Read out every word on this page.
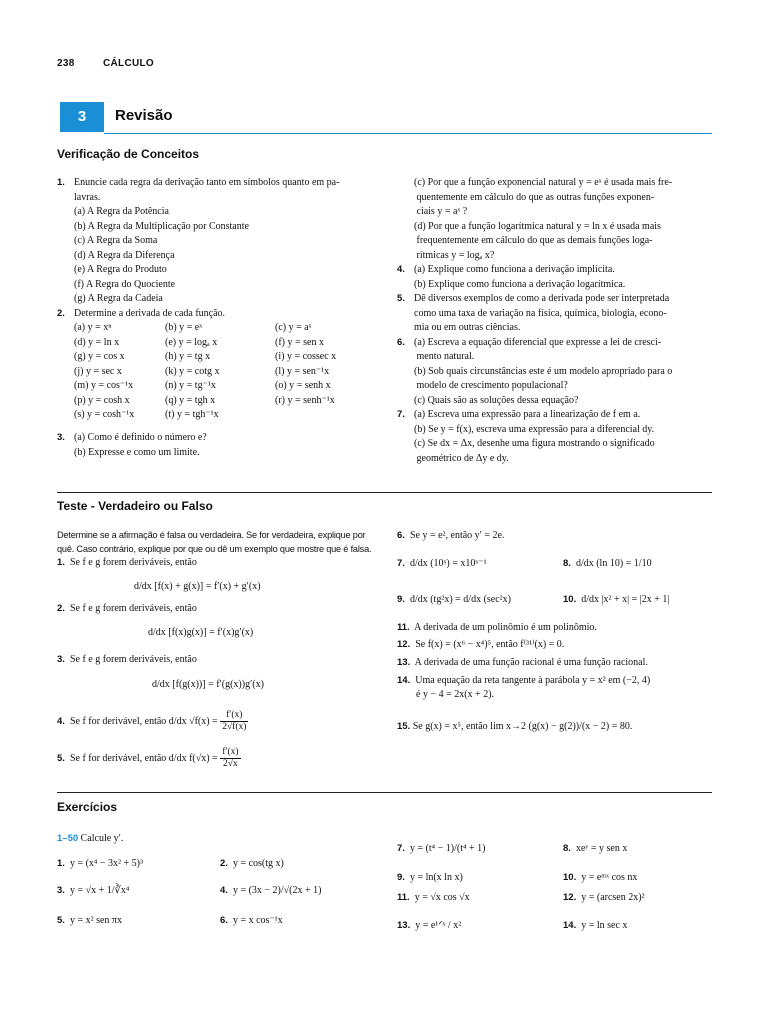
238	CÁLCULO
3	Revisão
Verificação de Conceitos
1. Enuncie cada regra da derivação tanto em símbolos quanto em pa-
lavras.
(a) A Regra da Potência
(b) A Regra da Multiplicação por Constante
(c) A Regra da Soma
(d) A Regra da Diferença
(e) A Regra do Produto
(f) A Regra do Quociente
(g) A Regra da Cadeia
2. Determine a derivada de cada função.
(a) y = xⁿ	(b) y = eˣ	(c) y = aˣ
(d) y = ln x	(e) y = logₐ x	(f) y = sen x
(g) y = cos x	(h) y = tg x	(i) y = cossec x
(j) y = sec x	(k) y = cotg x	(l) y = sen⁻¹x
(m) y = cos⁻¹x	(n) y = tg⁻¹x	(o) y = senh x
(p) y = cosh x	(q) y = tgh x	(r) y = senh⁻¹x
(s) y = cosh⁻¹x	(t) y = tgh⁻¹x
3. (a) Como é definido o número e?
(b) Expresse e como um limite.
(c) Por que a função exponencial natural y = eˣ é usada mais fre-
quentemente em cálculo do que as outras funções exponen-
ciais y = aˣ ?
(d) Por que a função logarítmica natural y = ln x é usada mais
frequentemente em cálculo do que as demais funções loga-
rítmicas y = logₐ x?
4. (a) Explique como funciona a derivação implícita.
(b) Explique como funciona a derivação logarítmica.
5. Dê diversos exemplos de como a derivada pode ser interpretada
como uma taxa de variação na física, química, biologia, econo-
mia ou em outras ciências.
6. (a) Escreva a equação diferencial que expresse a lei de cresci-
mento natural.
(b) Sob quais circunstâncias este é um modelo apropriado para o
modelo de crescimento populacional?
(c) Quais são as soluções dessa equação?
7. (a) Escreva uma expressão para a linearização de f em a.
(b) Se y = f(x), escreva uma expressão para a diferencial dy.
(c) Se dx = Δx, desenhe uma figura mostrando o significado
geométrico de Δy e dy.
Teste - Verdadeiro ou Falso
Determine se a afirmação é falsa ou verdadeira. Se for verdadeira, explique por
quê. Caso contrário, explique por que ou dê um exemplo que mostre que é falsa.
1. Se f e g forem deriváveis, então
d/dx [f(x) + g(x)] = f′(x) + g′(x)
2. Se f e g forem deriváveis, então
d/dx [f(x)g(x)] = f′(x)g′(x)
3. Se f e g forem deriváveis, então
d/dx [f(g(x))] = f′(g(x))g′(x)
4. Se f for derivável, então d/dx $√f(x) = \frac{f'(x)}{2√f(x)}$
5. Se f for derivável, então d/dx $f(√x) = \frac{f'(x)}{2√x}$
6. Se y = e², então y′ = 2e.
7. d/dx (10ˣ) = x10ˣ⁻¹	8. d/dx (ln 10) = 1/10
9. d/dx (tg²x) = d/dx (sec²x)	10. d/dx |x² + x| = |2x + 1|
11. A derivada de um polinômio é um polinômio.
12. Se f(x) = (x⁶ − x⁴)⁵, então f⁽³¹⁾(x) = 0.
13. A derivada de uma função racional é uma função racional.
14. Uma equação da reta tangente à parábola y = x² em (−2, 4)
é y − 4 = 2x(x + 2).
15. Se g(x) = x⁵, então lim x→2 (g(x) − g(2))/(x − 2) = 80.
Exercícios
1–50 Calcule y′.
1. y = (x⁴ − 3x² + 5)³	2. y = cos(tg x)
3. y = √x + 1/∛x⁴	4. y = (3x − 2)/√(2x + 1)
5. y = x² sen πx	6. y = x cos⁻¹x
7. y = (t⁴ − 1)/(t⁴ + 1)	8. xeʸ = y sen x
9. y = ln(x ln x)	10. y = eᵐˣ cos nx
11. y = √x cos √x	12. y = (arcsen 2x)²
13. y = e¹ᐟˣ / x²	14. y = ln sec x
